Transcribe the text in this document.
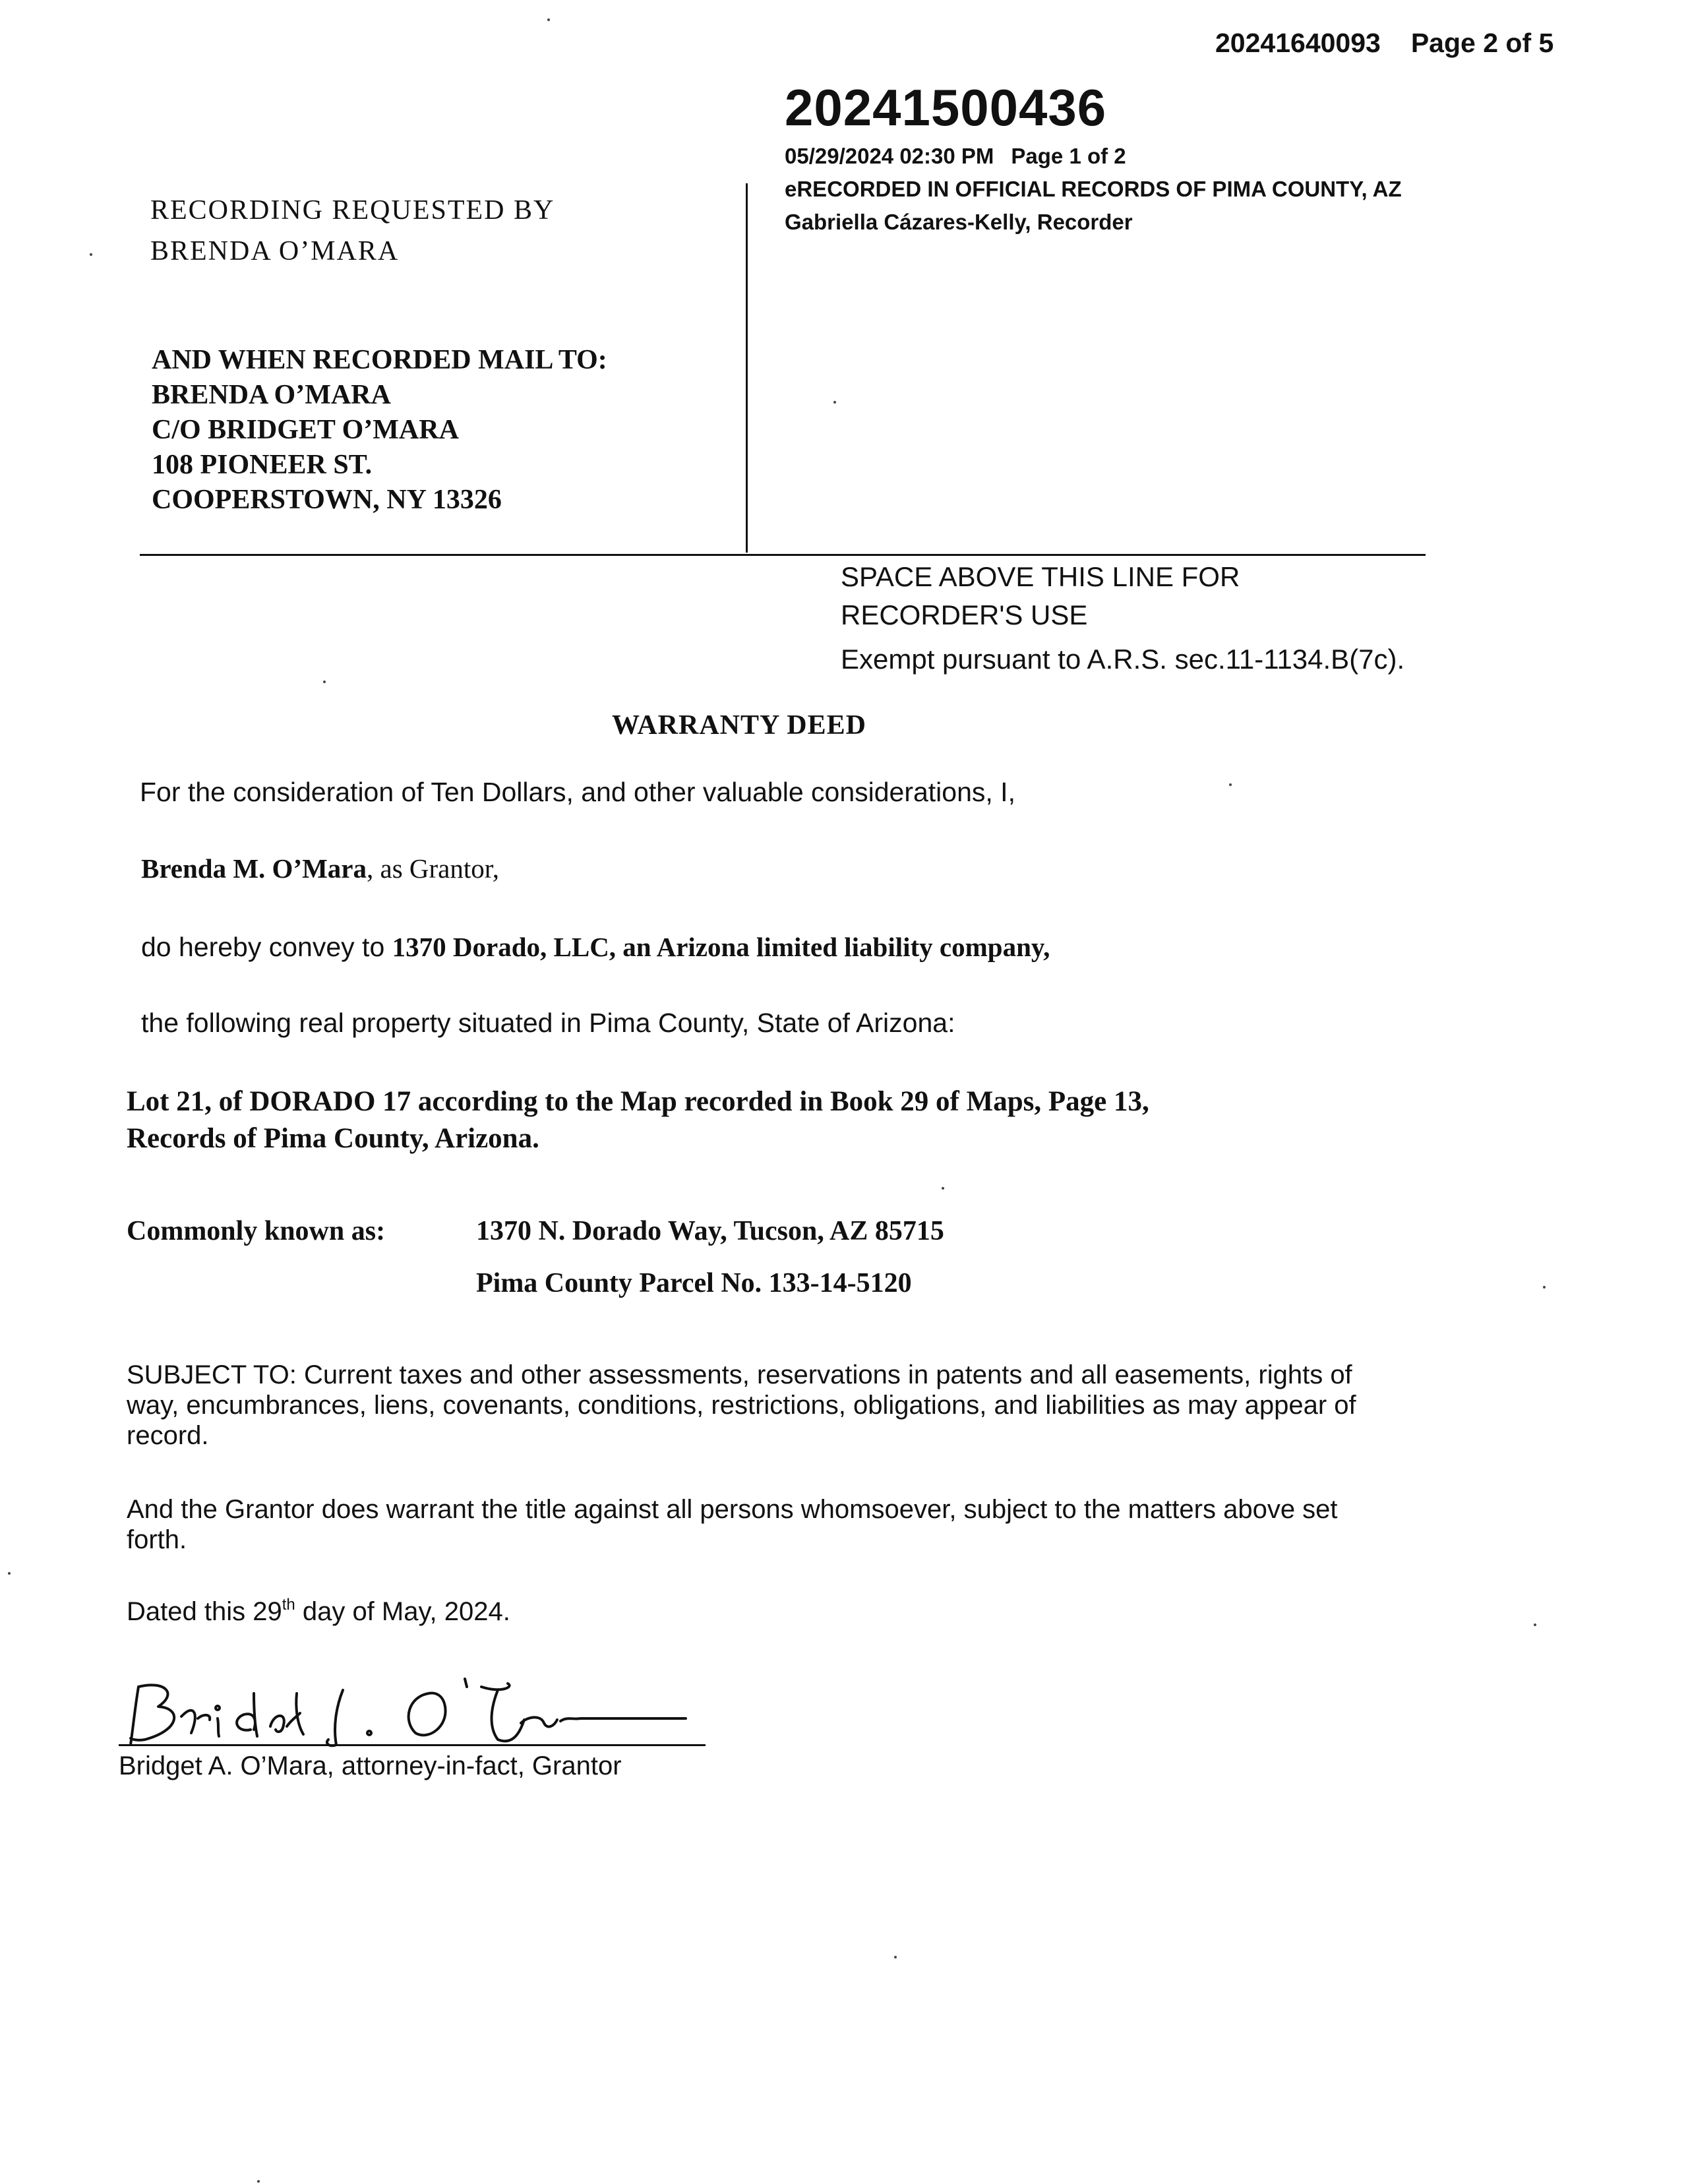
20241640093 Page 2 of 5
20241500436
05/29/2024 02:30 PM Page 1 of 2
eRECORDED IN OFFICIAL RECORDS OF PIMA COUNTY, AZ
Gabriella Cázares-Kelly, Recorder
RECORDING REQUESTED BY
BRENDA O’MARA
AND WHEN RECORDED MAIL TO:
BRENDA O’MARA
C/O BRIDGET O’MARA
108 PIONEER ST.
COOPERSTOWN, NY 13326
SPACE ABOVE THIS LINE FOR
RECORDER'S USE
Exempt pursuant to A.R.S. sec.11-1134.B(7c).
WARRANTY DEED
For the consideration of Ten Dollars, and other valuable considerations, I,
Brenda M. O’Mara, as Grantor,
do hereby convey to 1370 Dorado, LLC, an Arizona limited liability company,
the following real property situated in Pima County, State of Arizona:
Lot 21, of DORADO 17 according to the Map recorded in Book 29 of Maps, Page 13,
Records of Pima County, Arizona.
Commonly known as:	1370 N. Dorado Way, Tucson, AZ 85715
Pima County Parcel No. 133-14-5120
SUBJECT TO: Current taxes and other assessments, reservations in patents and all easements, rights of way, encumbrances, liens, covenants, conditions, restrictions, obligations, and liabilities as may appear of record.
And the Grantor does warrant the title against all persons whomsoever, subject to the matters above set forth.
Dated this 29th day of May, 2024.
Bridget A. O’Mara, attorney-in-fact, Grantor
